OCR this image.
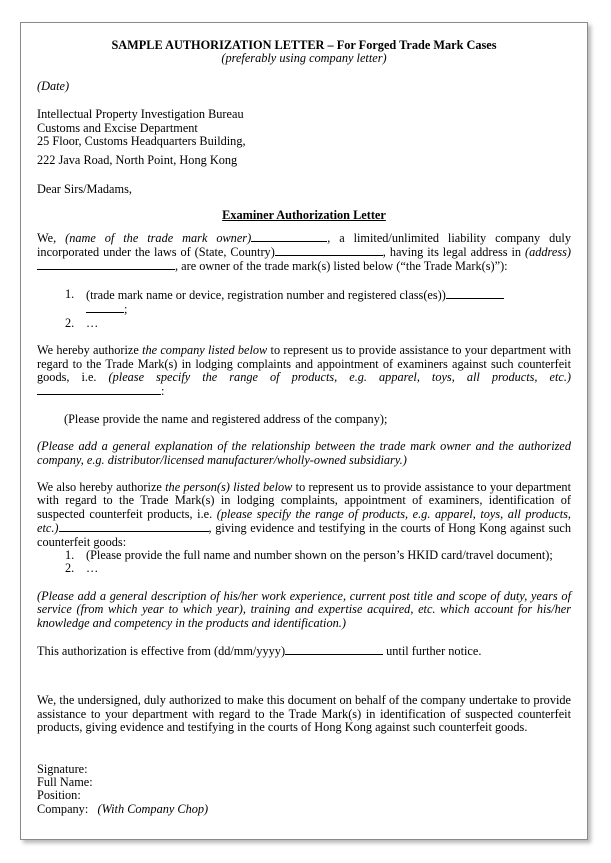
SAMPLE AUTHORIZATION LETTER – For Forged Trade Mark Cases

(preferably using company letter)

(Date)

Intellectual Property Investigation Bureau

Customs and Excise Department

25 Floor, Customs Headquarters Building,

222 Java Road, North Point, Hong Kong

Dear Sirs/Madams,

Examiner Authorization Letter

We, (name of the trade mark owner)	, a limited/unlimited liability company duly incorporated under the laws of (State, Country)	, having its legal address in (address), are owner of the trade mark(s) listed below (“the Trade Mark(s)”):

1. (trade mark name or device, registration number and registered class(es))
;
2. …

We hereby authorize the company listed below to represent us to provide assistance to your department with regard to the Trade Mark(s) in lodging complaints and appointment of examiners against such counterfeit goods, i.e. (please specify the range of products, e.g. apparel, toys, all products, etc.):

(Please provide the name and registered address of the company);

(Please add a general explanation of the relationship between the trade mark owner and the authorized company, e.g. distributor/licensed manufacturer/wholly-owned subsidiary.)

We also hereby authorize the person(s) listed below to represent us to provide assistance to your department with regard to the Trade Mark(s) in lodging complaints, appointment of examiners, identification of suspected counterfeit products, i.e. (please specify the range of products, e.g. apparel, toys, all products, etc.)	, giving evidence and testifying in the courts of Hong Kong against such counterfeit goods:

1. (Please provide the full name and number shown on the person’s HKID card/travel document);
2. …

(Please add a general description of his/her work experience, current post title and scope of duty, years of service (from which year to which year), training and expertise acquired, etc. which account for his/her knowledge and competency in the products and identification.)

This authorization is effective from (dd/mm/yyyy)	until further notice.

We, the undersigned, duly authorized to make this document on behalf of the company undertake to provide assistance to your department with regard to the Trade Mark(s) in identification of suspected counterfeit products, giving evidence and testifying in the courts of Hong Kong against such counterfeit goods.

Signature:

Full Name:

Position:

Company: (With Company Chop)
